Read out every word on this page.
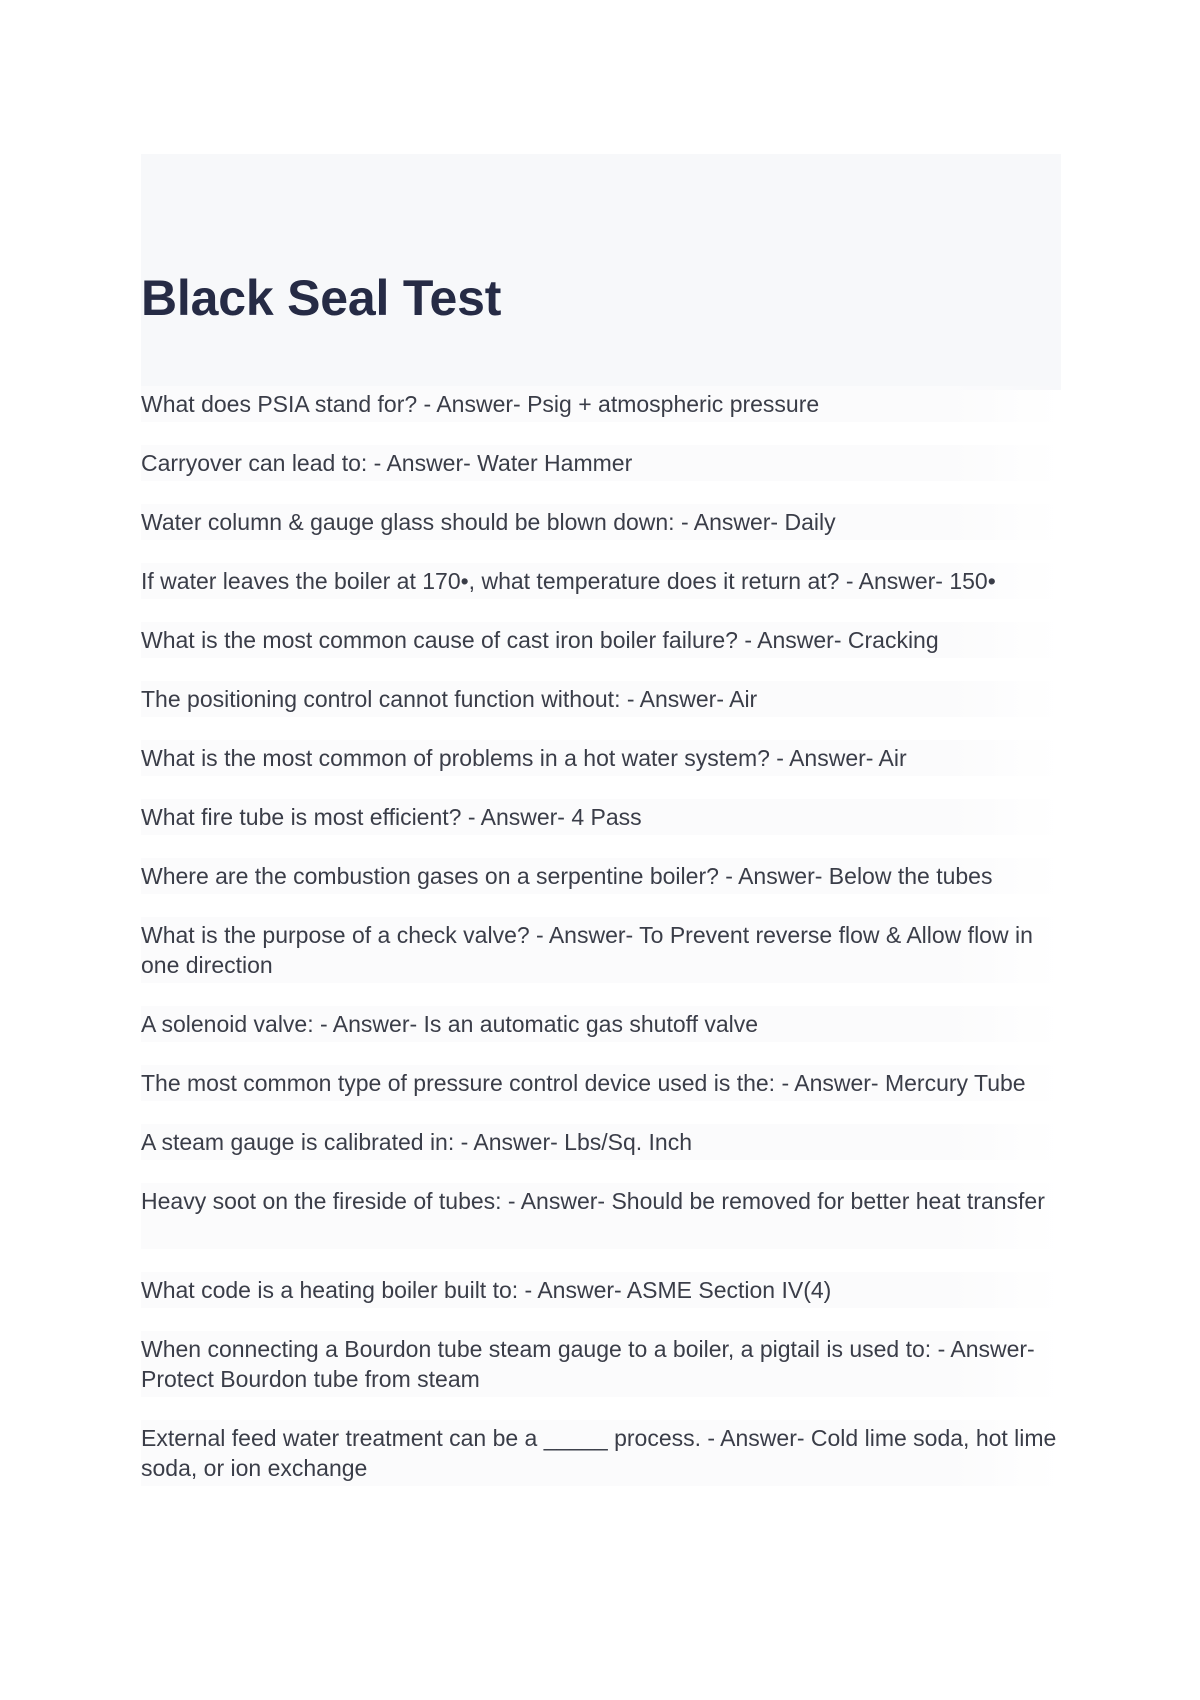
Black Seal Test
What does PSIA stand for? - Answer- Psig + atmospheric pressure
Carryover can lead to: - Answer- Water Hammer
Water column & gauge glass should be blown down: - Answer- Daily
If water leaves the boiler at 170•, what temperature does it return at? - Answer- 150•
What is the most common cause of cast iron boiler failure? - Answer- Cracking
The positioning control cannot function without: - Answer- Air
What is the most common of problems in a hot water system? - Answer- Air
What fire tube is most efficient? - Answer- 4 Pass
Where are the combustion gases on a serpentine boiler? - Answer- Below the tubes
What is the purpose of a check valve? - Answer- To Prevent reverse flow & Allow flow in one direction
A solenoid valve: - Answer- Is an automatic gas shutoff valve
The most common type of pressure control device used is the: - Answer- Mercury Tube
A steam gauge is calibrated in: - Answer- Lbs/Sq. Inch
Heavy soot on the fireside of tubes: - Answer- Should be removed for better heat transfer
What code is a heating boiler built to: - Answer- ASME Section IV(4)
When connecting a Bourdon tube steam gauge to a boiler, a pigtail is used to: - Answer- Protect Bourdon tube from steam
External feed water treatment can be a _____ process. - Answer- Cold lime soda, hot lime soda, or ion exchange
